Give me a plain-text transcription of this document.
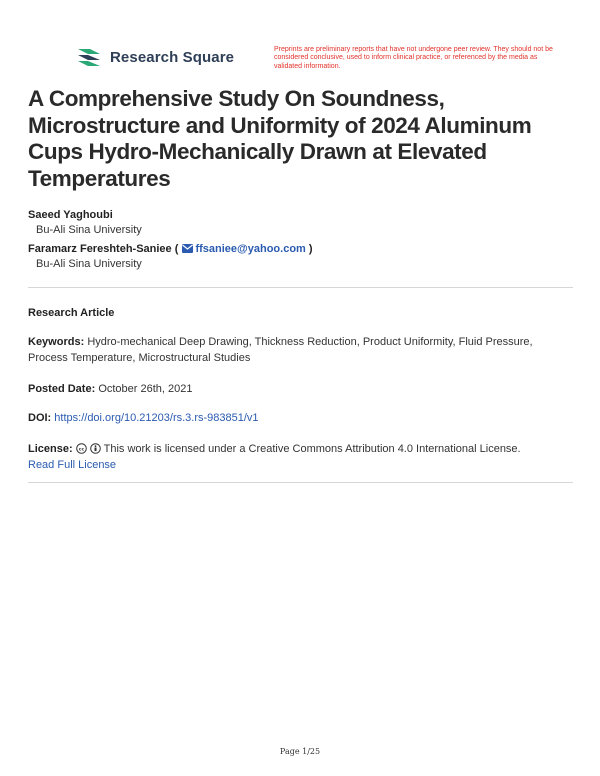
Research Square	Preprints are preliminary reports that have not undergone peer review. They should not be considered conclusive, used to inform clinical practice, or referenced by the media as validated information.
A Comprehensive Study On Soundness, Microstructure and Uniformity of 2024 Aluminum Cups Hydro-Mechanically Drawn at Elevated Temperatures
Saeed Yaghoubi
Bu-Ali Sina University
Faramarz Fereshteh-Saniee ( ffsaniee@yahoo.com )
Bu-Ali Sina University
Research Article
Keywords: Hydro-mechanical Deep Drawing, Thickness Reduction, Product Uniformity, Fluid Pressure, Process Temperature, Microstructural Studies
Posted Date: October 26th, 2021
DOI: https://doi.org/10.21203/rs.3.rs-983851/v1
License: cc This work is licensed under a Creative Commons Attribution 4.0 International License.
Read Full License
Page 1/25
